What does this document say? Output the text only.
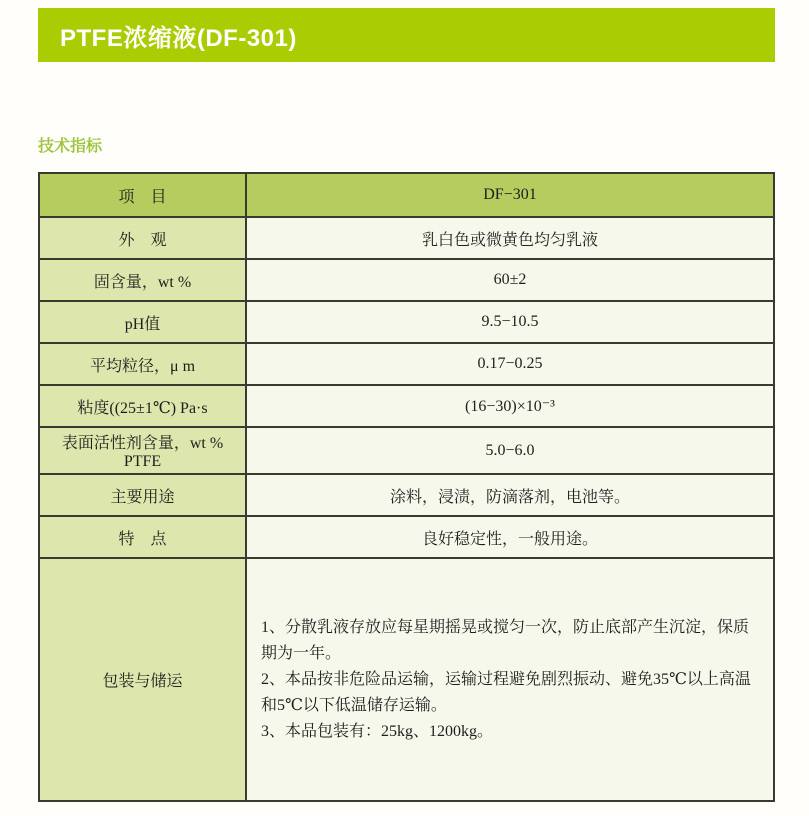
PTFE浓缩液(DF-301)
技术指标
项　目	DF−301
外　观	乳白色或微黄色均匀乳液
固含量，wt %	60±2
pH值	9.5−10.5
平均粒径，μ m	0.17−0.25
粘度((25±1℃) Pa·s	(16−30)×10⁻³
表面活性剂含量，wt % PTFE	5.0−6.0
主要用途	涂料，浸渍，防滴落剂，电池等。
特　点	良好稳定性，一般用途。
包装与储运	1、分散乳液存放应每星期摇晃或搅匀一次，防止底部产生沉淀，保质期为一年。
2、本品按非危险品运输，运输过程避免剧烈振动、避免35℃以上高温和5℃以下低温储存运输。
3、本品包装有：25kg、1200kg。
